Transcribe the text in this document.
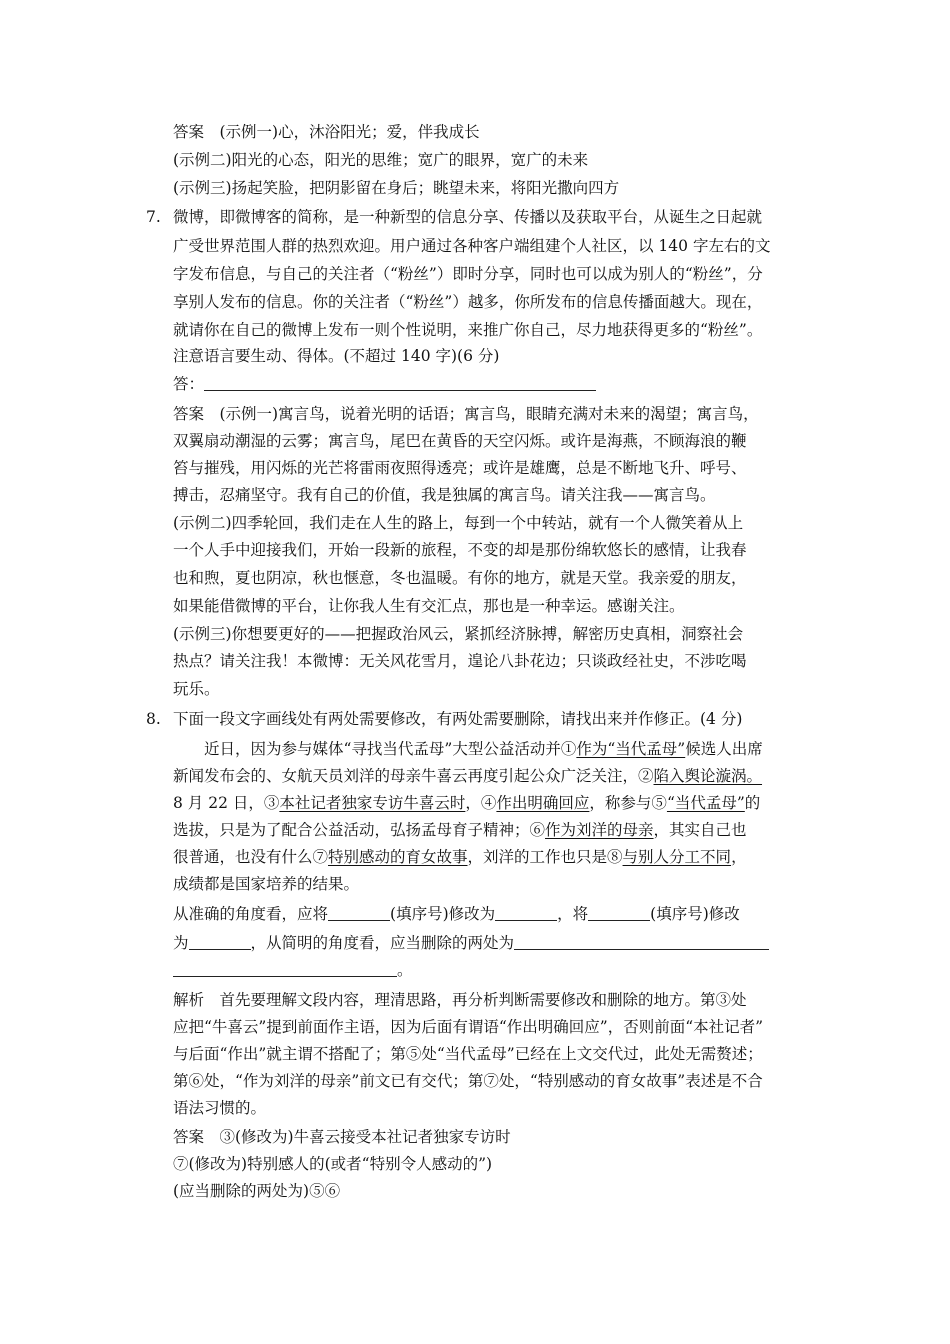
答案　(示例一)心，沐浴阳光；爱，伴我成长
(示例二)阳光的心态，阳光的思维；宽广的眼界，宽广的未来
(示例三)扬起笑脸，把阴影留在身后；眺望未来，将阳光撒向四方
7. 微博，即微博客的简称，是一种新型的信息分享、传播以及获取平台，从诞生之日起就
广受世界范围人群的热烈欢迎。用户通过各种客户端组建个人社区，以 140 字左右的文
字发布信息，与自己的关注者（“粉丝”）即时分享，同时也可以成为别人的“粉丝”，分
享别人发布的信息。你的关注者（“粉丝”）越多，你所发布的信息传播面越大。现在，
就请你在自己的微博上发布一则个性说明，来推广你自己，尽力地获得更多的“粉丝”。
注意语言要生动、得体。(不超过 140 字)(6 分)
答：
答案　(示例一)寓言鸟，说着光明的话语；寓言鸟，眼睛充满对未来的渴望；寓言鸟，
双翼扇动潮湿的云雾；寓言鸟，尾巴在黄昏的天空闪烁。或许是海燕，不顾海浪的鞭
笞与摧残，用闪烁的光芒将雷雨夜照得透亮；或许是雄鹰，总是不断地飞升、呼号、
搏击，忍痛坚守。我有自己的价值，我是独属的寓言鸟。请关注我——寓言鸟。
(示例二)四季轮回，我们走在人生的路上，每到一个中转站，就有一个人微笑着从上
一个人手中迎接我们，开始一段新的旅程，不变的却是那份绵软悠长的感情，让我春
也和煦，夏也阴凉，秋也惬意，冬也温暖。有你的地方，就是天堂。我亲爱的朋友，
如果能借微博的平台，让你我人生有交汇点，那也是一种幸运。感谢关注。
(示例三)你想要更好的——把握政治风云，紧抓经济脉搏，解密历史真相，洞察社会
热点？请关注我！本微博：无关风花雪月，遑论八卦花边；只谈政经社史，不涉吃喝
玩乐。
8. 下面一段文字画线处有两处需要修改，有两处需要删除，请找出来并作修正。(4 分)
　　近日，因为参与媒体“寻找当代孟母”大型公益活动并①作为“当代孟母”候选人出席
新闻发布会的、女航天员刘洋的母亲牛喜云再度引起公众广泛关注，②陷入舆论漩涡。
8 月 22 日，③本社记者独家专访牛喜云时，④作出明确回应，称参与⑤“当代孟母”的
选拔，只是为了配合公益活动，弘扬孟母育子精神；⑥作为刘洋的母亲，其实自己也
很普通，也没有什么⑦特别感动的育女故事，刘洋的工作也只是⑧与别人分工不同，
成绩都是国家培养的结果。
从准确的角度看，应将	(填序号)修改为	，将	(填序号)修改
为	，从简明的角度看，应当删除的两处为
。
解析　首先要理解文段内容，理清思路，再分析判断需要修改和删除的地方。第③处
应把“牛喜云”提到前面作主语，因为后面有谓语“作出明确回应”，否则前面“本社记者”
与后面“作出”就主谓不搭配了；第⑤处“当代孟母”已经在上文交代过，此处无需赘述；
第⑥处，“作为刘洋的母亲”前文已有交代；第⑦处，“特别感动的育女故事”表述是不合
语法习惯的。
答案　③(修改为)牛喜云接受本社记者独家专访时
⑦(修改为)特别感人的(或者“特别令人感动的”)
(应当删除的两处为)⑤⑥
